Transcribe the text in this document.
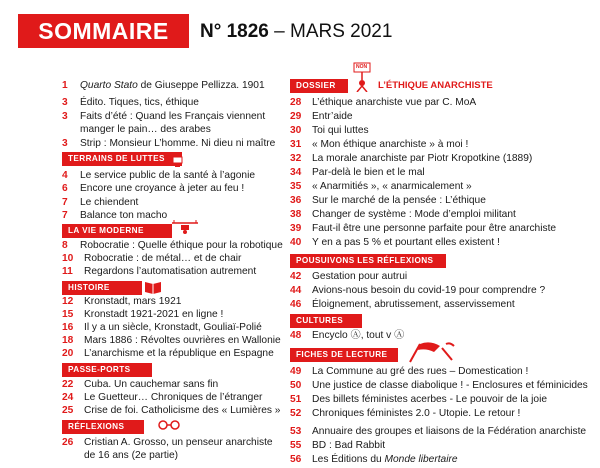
SOMMAIRE	N° 1826 – MARS 2021
1	Quarto Stato de Giuseppe Pellizza. 1901
3	Édito. Tiques, tics, éthique
3	Faits d’été : Quand les Français viennent
manger le pain… des arabes
3	Strip : Monsieur L’homme. Ni dieu ni maître
TERRAINS DE LUTTES
4	Le service public de la santé à l’agonie
6	Encore une croyance à jeter au feu !
7	Le chiendent
7	Balance ton macho
LA VIE MODERNE
8	Robocratie : Quelle éthique pour la robotique
10	Robocratie : de métal… et de chair
11	Regardons l’automatisation autrement
HISTOIRE
12	Kronstadt, mars 1921
15	Kronstadt 1921-2021 en ligne !
16	Il y a un siècle, Kronstadt, Gouliaï-Polié
18	Mars 1886 : Révoltes ouvrières en Wallonie
20	L’anarchisme et la république en Espagne
PASSE-PORTS
22	Cuba. Un cauchemar sans fin
24	Le Guetteur… Chroniques de l’étranger
25	Crise de foi. Catholicisme des « Lumières »
RÉFLEXIONS
26	Cristian A. Grosso, un penseur anarchiste
de 16 ans (2e partie)
DOSSIER
NON
L’ÉTHIQUE ANARCHISTE
28	L’éthique anarchiste vue par C. MoA
29	Entr’aide
30	Toi qui luttes
31	« Mon éthique anarchiste » à moi !
32	La morale anarchiste par Piotr Kropotkine (1889)
34	Par-delà le bien et le mal
35	« Anarmitiés », « anarmicalement »
36	Sur le marché de la pensée : L’éthique
38	Changer de système : Mode d’emploi militant
39	Faut-il être une personne parfaite pour être anarchiste
40	Y en a pas 5 % et pourtant elles existent !
POUSUIVONS LES RÉFLEXIONS
42	Gestation pour autrui
44	Avions-nous besoin du covid-19 pour comprendre ?
46	Éloignement, abrutissement, asservissement
CULTURES
48	Encyclo Ⓐ, tout v Ⓐ
FICHES DE LECTURE
49	La Commune au gré des rues – Domestication !
50	Une justice de classe diabolique ! - Enclosures et féminicides
51	Des billets féministes acerbes - Le pouvoir de la joie
52	Chroniques féministes 2.0 - Utopie. Le retour !
53	Annuaire des groupes et liaisons de la Fédération anarchiste
55	BD : Bad Rabbit
56	Les Éditions du Monde libertaire
